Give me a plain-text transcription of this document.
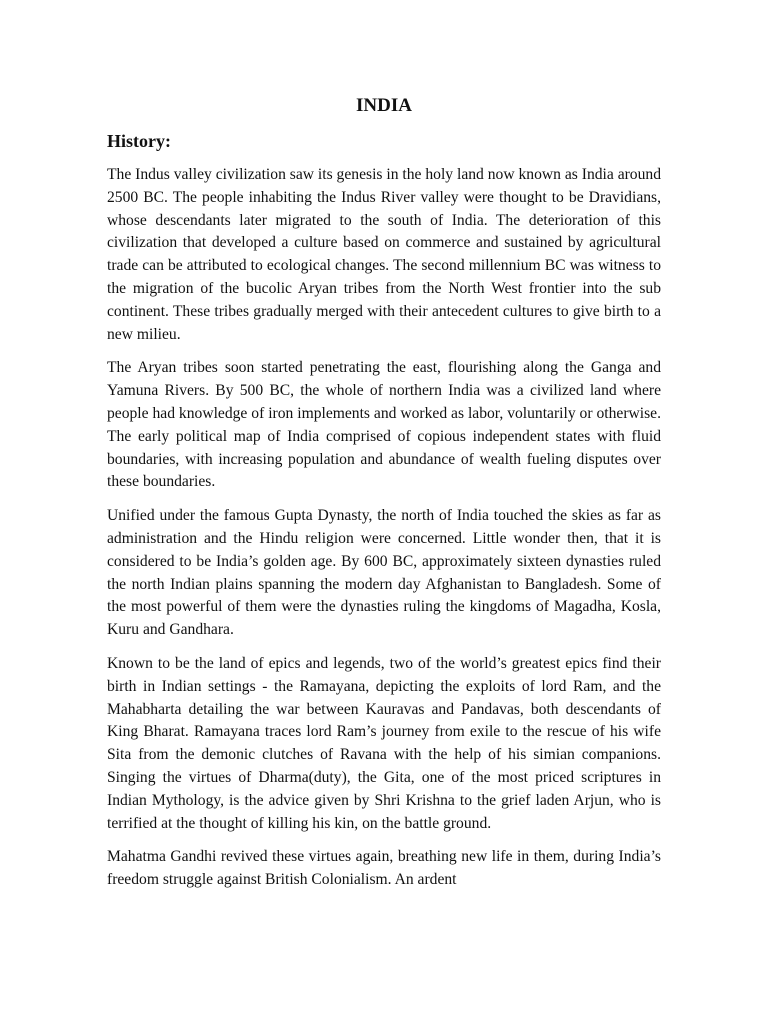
INDIA
History:

The Indus valley civilization saw its genesis in the holy land now known as India around 2500 BC. The people inhabiting the Indus River valley were thought to be Dravidians, whose descendants later migrated to the south of India. The deterioration of this civilization that developed a culture based on commerce and sustained by agricultural trade can be attributed to ecological changes. The second millennium BC was witness to the migration of the bucolic Aryan tribes from the North West frontier into the sub continent. These tribes gradually merged with their antecedent cultures to give birth to a new milieu.

The Aryan tribes soon started penetrating the east, flourishing along the Ganga and Yamuna Rivers. By 500 BC, the whole of northern India was a civilized land where people had knowledge of iron implements and worked as labor, voluntarily or otherwise. The early political map of India comprised of copious independent states with fluid boundaries, with increasing population and abundance of wealth fueling disputes over these boundaries.

Unified under the famous Gupta Dynasty, the north of India touched the skies as far as administration and the Hindu religion were concerned. Little wonder then, that it is considered to be India’s golden age. By 600 BC, approximately sixteen dynasties ruled the north Indian plains spanning the modern day Afghanistan to Bangladesh. Some of the most powerful of them were the dynasties ruling the kingdoms of Magadha, Kosla, Kuru and Gandhara.

Known to be the land of epics and legends, two of the world’s greatest epics find their birth in Indian settings - the Ramayana, depicting the exploits of lord Ram, and the Mahabharta detailing the war between Kauravas and Pandavas, both descendants of King Bharat. Ramayana traces lord Ram’s journey from exile to the rescue of his wife Sita from the demonic clutches of Ravana with the help of his simian companions. Singing the virtues of Dharma(duty), the Gita, one of the most priced scriptures in Indian Mythology, is the advice given by Shri Krishna to the grief laden Arjun, who is terrified at the thought of killing his kin, on the battle ground.

Mahatma Gandhi revived these virtues again, breathing new life in them, during India’s freedom struggle against British Colonialism. An ardent
